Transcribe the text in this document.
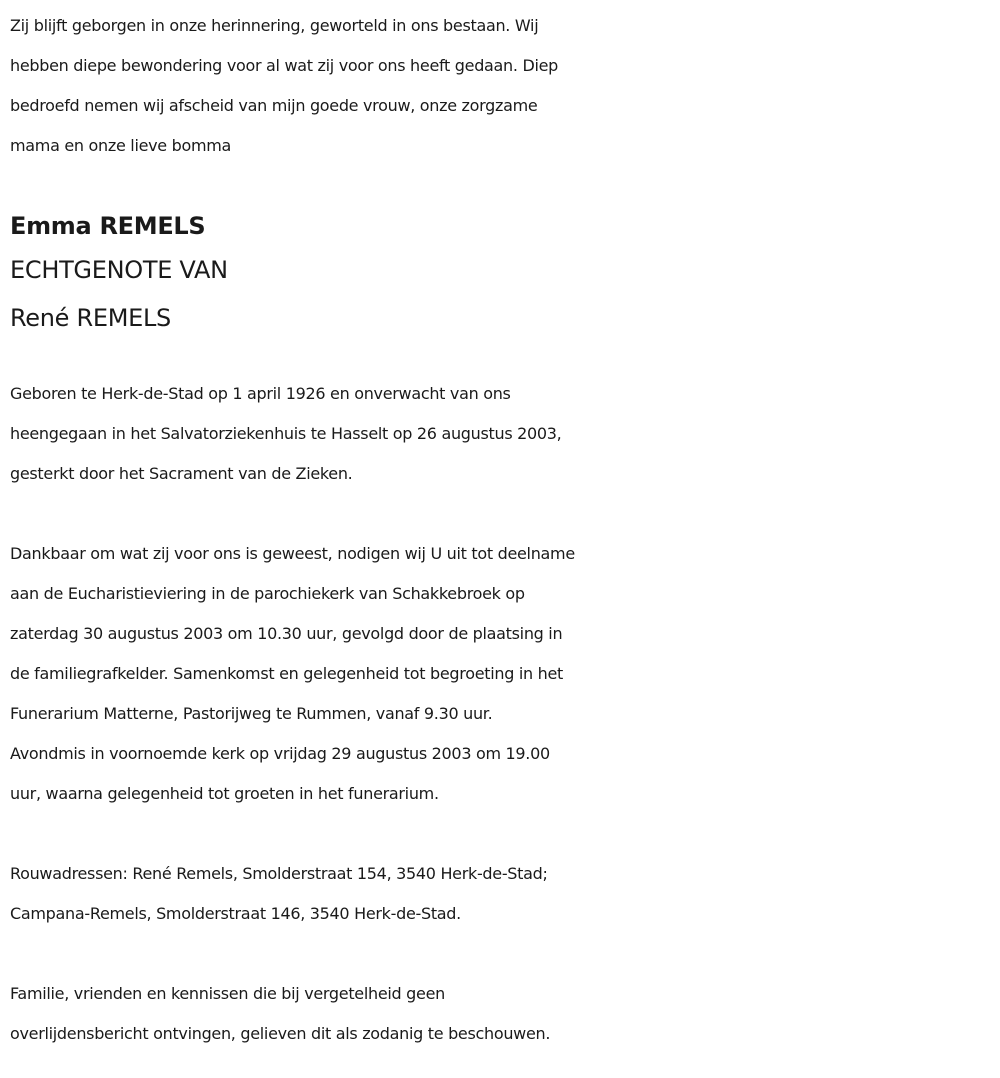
Zij blijft geborgen in onze herinnering, geworteld in ons bestaan. Wij
hebben diepe bewondering voor al wat zij voor ons heeft gedaan. Diep
bedroefd nemen wij afscheid van mijn goede vrouw, onze zorgzame
mama en onze lieve bomma

Emma REMELS

ECHTGENOTE VAN

René REMELS

Geboren te Herk-de-Stad op 1 april 1926 en onverwacht van ons
heengegaan in het Salvatorziekenhuis te Hasselt op 26 augustus 2003,
gesterkt door het Sacrament van de Zieken.

Dankbaar om wat zij voor ons is geweest, nodigen wij U uit tot deelname
aan de Eucharistieviering in de parochiekerk van Schakkebroek op
zaterdag 30 augustus 2003 om 10.30 uur, gevolgd door de plaatsing in
de familiegrafkelder. Samenkomst en gelegenheid tot begroeting in het
Funerarium Matterne, Pastorijweg te Rummen, vanaf 9.30 uur.
Avondmis in voornoemde kerk op vrijdag 29 augustus 2003 om 19.00
uur, waarna gelegenheid tot groeten in het funerarium.

Rouwadressen: René Remels, Smolderstraat 154, 3540 Herk-de-Stad;
Campana-Remels, Smolderstraat 146, 3540 Herk-de-Stad.

Familie, vrienden en kennissen die bij vergetelheid geen
overlijdensbericht ontvingen, gelieven dit als zodanig te beschouwen.
